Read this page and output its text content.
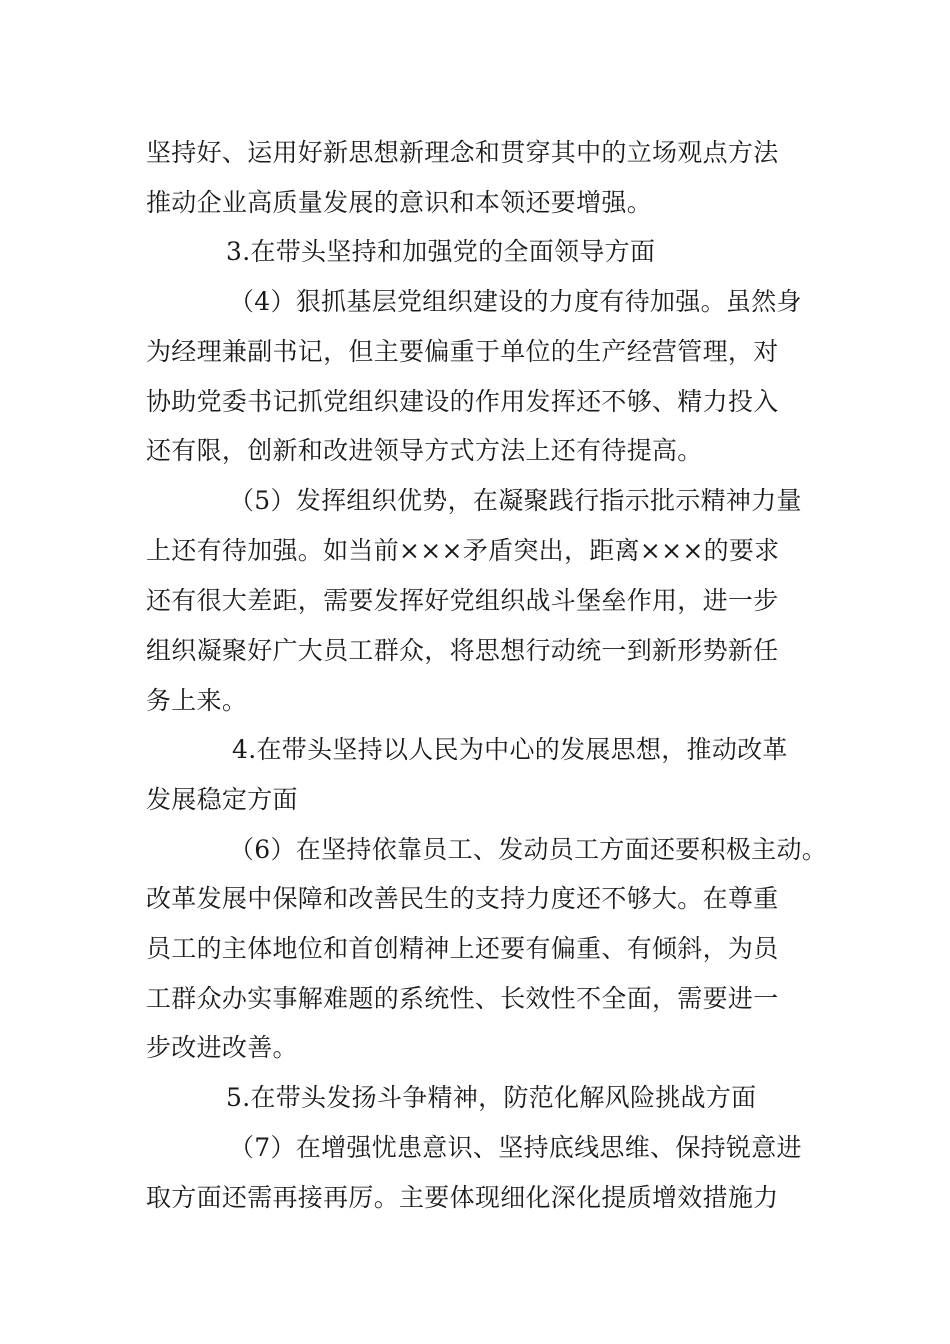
坚持好、运用好新思想新理念和贯穿其中的立场观点方法
推动企业高质量发展的意识和本领还要增强。
3.在带头坚持和加强党的全面领导方面
（4）狠抓基层党组织建设的力度有待加强。虽然身
为经理兼副书记，但主要偏重于单位的生产经营管理，对
协助党委书记抓党组织建设的作用发挥还不够、精力投入
还有限，创新和改进领导方式方法上还有待提高。
（5）发挥组织优势，在凝聚践行指示批示精神力量
上还有待加强。如当前×××矛盾突出，距离×××的要求
还有很大差距，需要发挥好党组织战斗堡垒作用，进一步
组织凝聚好广大员工群众，将思想行动统一到新形势新任
务上来。
4.在带头坚持以人民为中心的发展思想，推动改革
发展稳定方面
（6）在坚持依靠员工、发动员工方面还要积极主动。
改革发展中保障和改善民生的支持力度还不够大。在尊重
员工的主体地位和首创精神上还要有偏重、有倾斜，为员
工群众办实事解难题的系统性、长效性不全面，需要进一
步改进改善。
5.在带头发扬斗争精神，防范化解风险挑战方面
（7）在增强忧患意识、坚持底线思维、保持锐意进
取方面还需再接再厉。主要体现细化深化提质增效措施力
